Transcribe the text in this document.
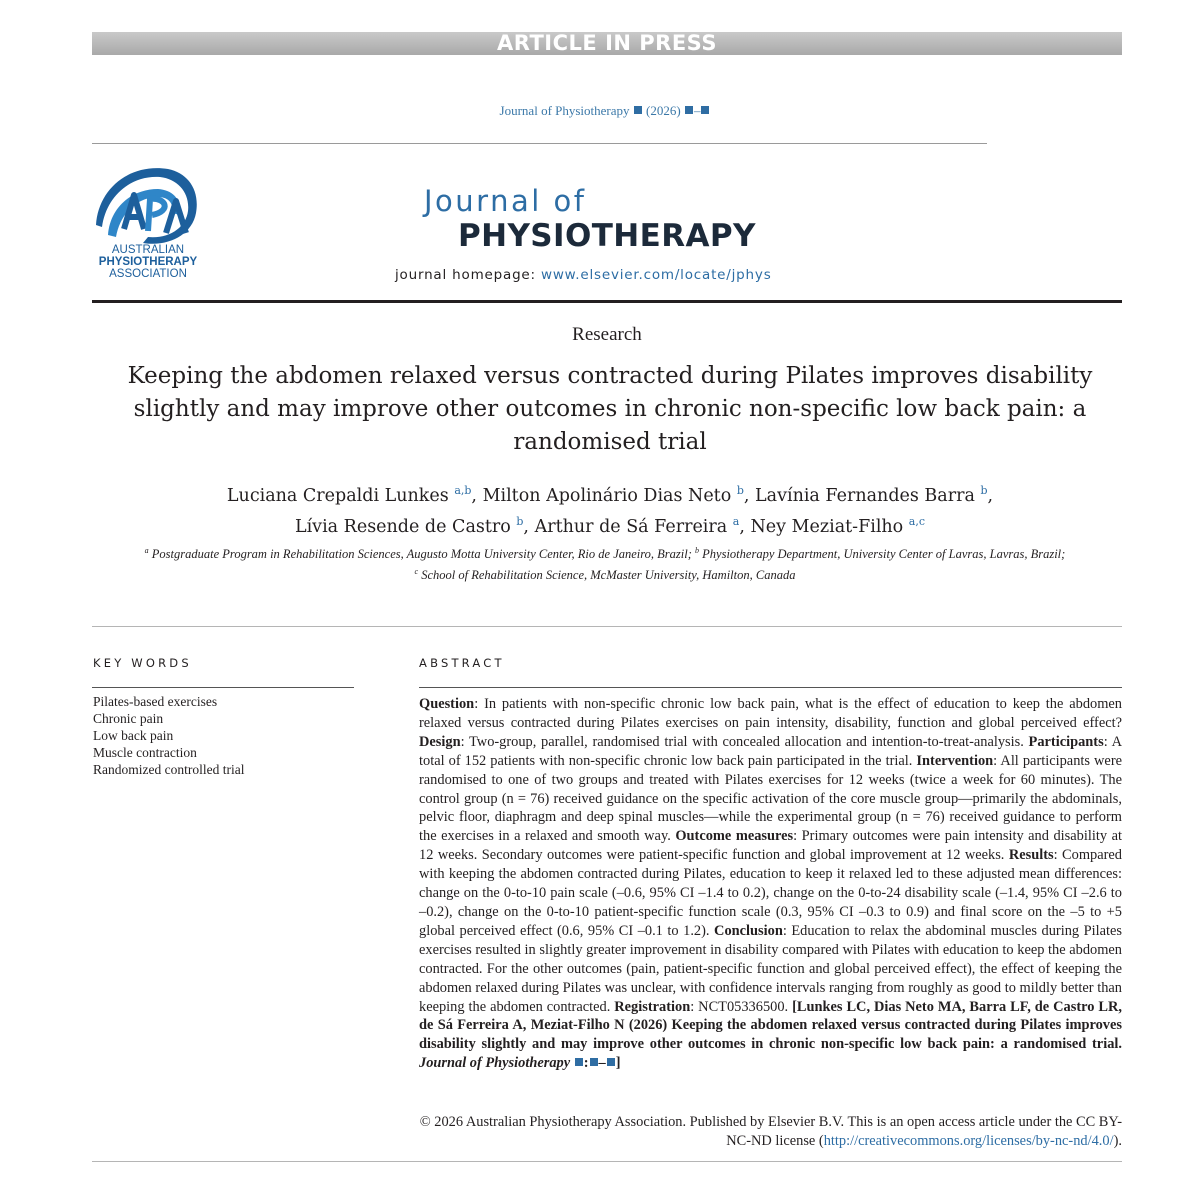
ARTICLE IN PRESS
Journal of Physiotherapy (2026) –
AUSTRALIAN
PHYSIOTHERAPY
ASSOCIATION
Journal of
PHYSIOTHERAPY
journal homepage: www.elsevier.com/locate/jphys
Research
Keeping the abdomen relaxed versus contracted during Pilates improves disability slightly and may improve other outcomes in chronic non-specific low back pain: a randomised trial
Luciana Crepaldi Lunkes $^{a,b}$, Milton Apolinário Dias Neto $^b$, Lavínia Fernandes Barra $^b$,
Lívia Resende de Castro $^b$, Arthur de Sá Ferreira $^a$, Ney Meziat-Filho $^{a,c}$
$^a$ Postgraduate Program in Rehabilitation Sciences, Augusto Motta University Center, Rio de Janeiro, Brazil; $^b$ Physiotherapy Department, University Center of Lavras, Lavras, Brazil;
$^c$ School of Rehabilitation Science, McMaster University, Hamilton, Canada
KEY WORDS
Pilates-based exercises
Chronic pain
Low back pain
Muscle contraction
Randomized controlled trial
ABSTRACT

Question: In patients with non-specific chronic low back pain, what is the effect of education to keep the abdomen relaxed versus contracted during Pilates exercises on pain intensity, disability, function and global perceived effect? Design: Two-group, parallel, randomised trial with concealed allocation and intention-to-treat-analysis. Participants: A total of 152 patients with non-specific chronic low back pain participated in the trial. Intervention: All participants were randomised to one of two groups and treated with Pilates exercises for 12 weeks (twice a week for 60 minutes). The control group (n = 76) received guidance on the specific activation of the core muscle group—primarily the abdominals, pelvic floor, diaphragm and deep spinal muscles—while the experimental group (n = 76) received guidance to perform the exercises in a relaxed and smooth way. Outcome measures: Primary outcomes were pain intensity and disability at 12 weeks. Secondary outcomes were patient-specific function and global improvement at 12 weeks. Results: Compared with keeping the abdomen contracted during Pilates, education to keep it relaxed led to these adjusted mean differences: change on the 0-to-10 pain scale (–0.6, 95% CI –1.4 to 0.2), change on the 0-to-24 disability scale (–1.4, 95% CI –2.6 to –0.2), change on the 0-to-10 patient-specific function scale (0.3, 95% CI –0.3 to 0.9) and final score on the –5 to +5 global perceived effect (0.6, 95% CI –0.1 to 1.2). Conclusion: Education to relax the abdominal muscles during Pilates exercises resulted in slightly greater improvement in disability compared with Pilates with education to keep the abdomen contracted. For the other outcomes (pain, patient-specific function and global perceived effect), the effect of keeping the abdomen relaxed during Pilates was unclear, with confidence intervals ranging from roughly as good to mildly better than keeping the abdomen contracted. Registration: NCT05336500. [Lunkes LC, Dias Neto MA, Barra LF, de Castro LR, de Sá Ferreira A, Meziat-Filho N (2026) Keeping the abdomen relaxed versus contracted during Pilates improves disability slightly and may improve other outcomes in chronic non-specific low back pain: a randomised trial. Journal of Physiotherapy : – ]

© 2026 Australian Physiotherapy Association. Published by Elsevier B.V. This is an open access article under the CC BY-NC-ND license (http://creativecommons.org/licenses/by-nc-nd/4.0/).
